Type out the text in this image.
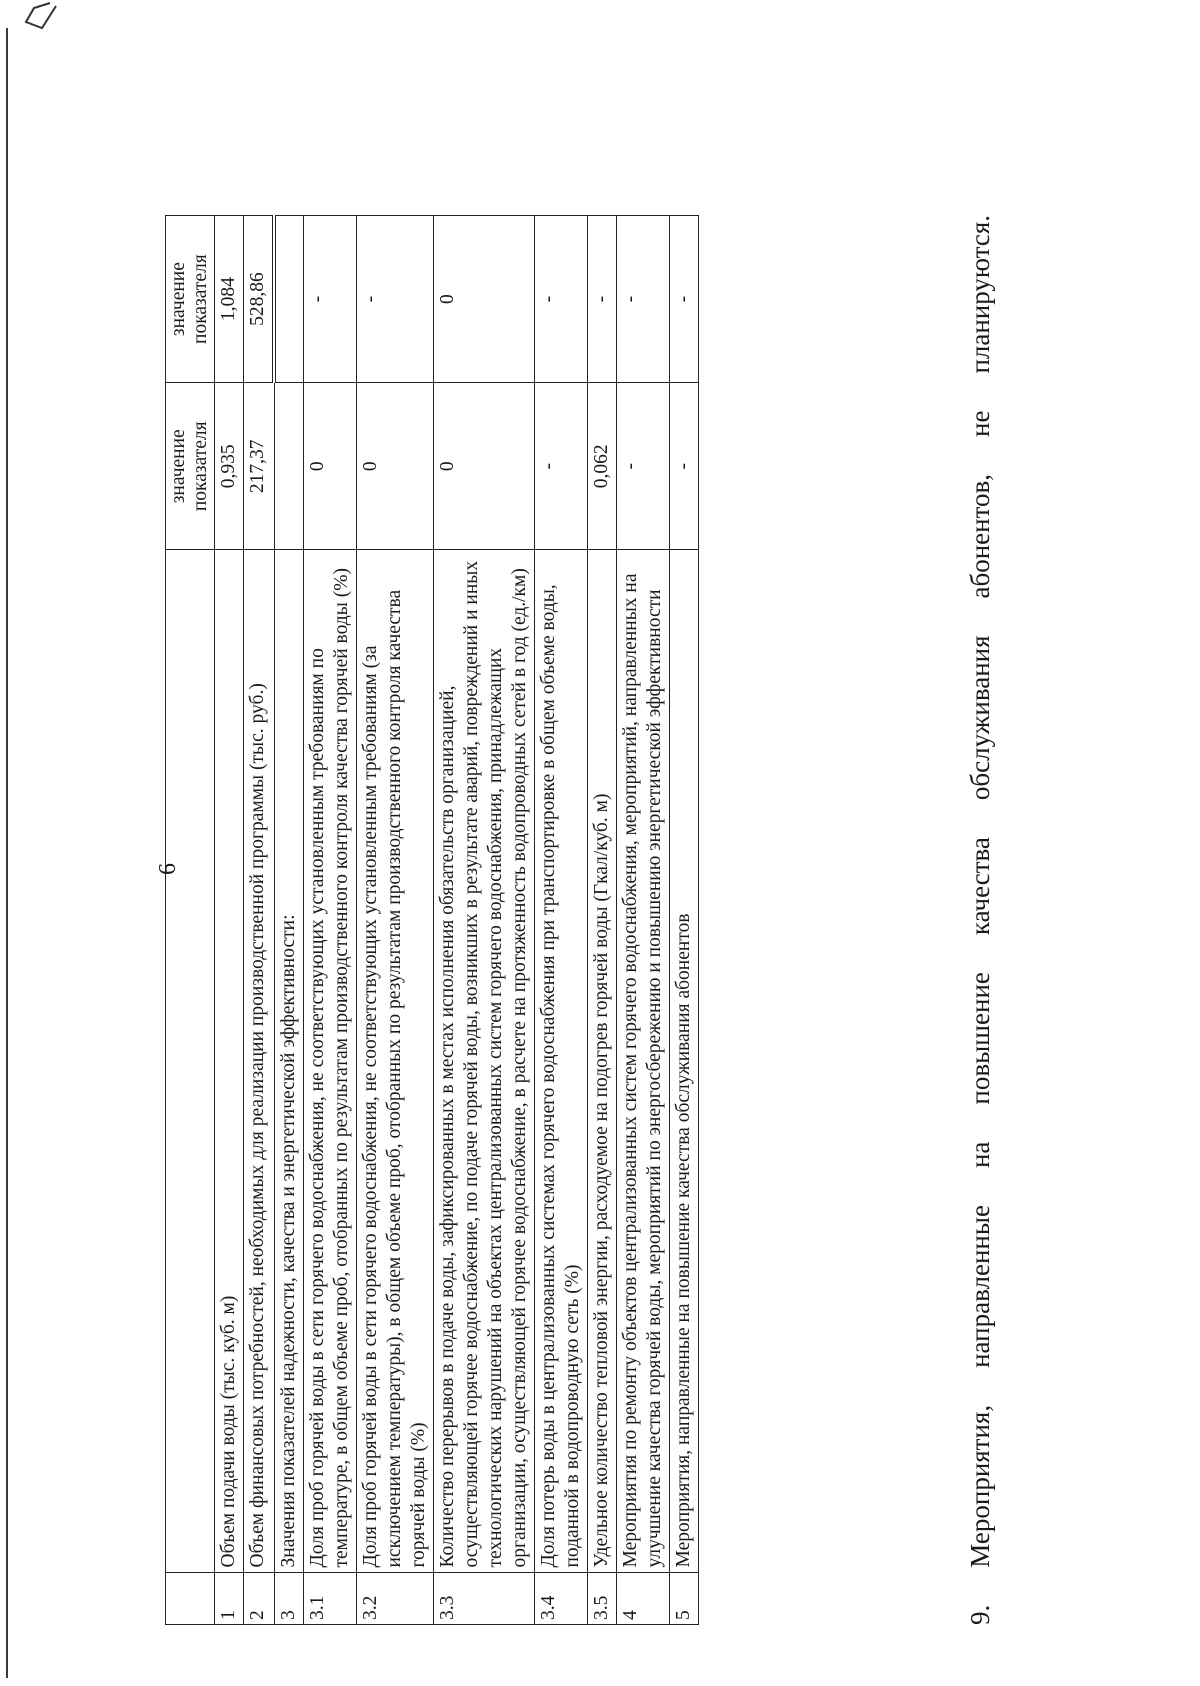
6
		значение показателя	значение показателя
1	Объем подачи воды (тыс. куб. м)	0,935	1,084
2	Объем финансовых потребностей, необходимых для реализации производственной программы (тыс. руб.)	217,37	528,86
3	Значения показателей надежности, качества и энергетической эффективности:		
3.1	Доля проб горячей воды в сети горячего водоснабжения, не соответствующих установленным требованиям по температуре, в общем объеме проб, отобранных по результатам производственного контроля качества горячей воды (%)	0	-
3.2	Доля проб горячей воды в сети горячего водоснабжения, не соответствующих установленным требованиям (за исключением температуры), в общем объеме проб, отобранных по результатам производственного контроля качества горячей воды (%)	0	-
3.3	Количество перерывов в подаче воды, зафиксированных в местах исполнения обязательств организацией, осуществляющей горячее водоснабжение, по подаче горячей воды, возникших в результате аварий, повреждений и иных технологических нарушений на объектах централизованных систем горячего водоснабжения, принадлежащих организации, осуществляющей горячее водоснабжение, в расчете на протяженность водопроводных сетей в год (ед./км)	0	0
3.4	Доля потерь воды в централизованных системах горячего водоснабжения при транспортировке в общем объеме воды, поданной в водопроводную сеть (%)	-	-
3.5	Удельное количество тепловой энергии, расходуемое на подогрев горячей воды (Гкал/куб. м)	0,062	-
4	Мероприятия по ремонту объектов централизованных систем горячего водоснабжения, мероприятий, направленных на улучшение качества горячей воды, мероприятий по энергосбережению и повышению энергетической эффективности	-	-
5	Мероприятия, направленные на повышение качества обслуживания абонентов	-	-
9.
Мероприятия,
направленные
на
повышение
качества
обслуживания
абонентов,
не
планируются.
